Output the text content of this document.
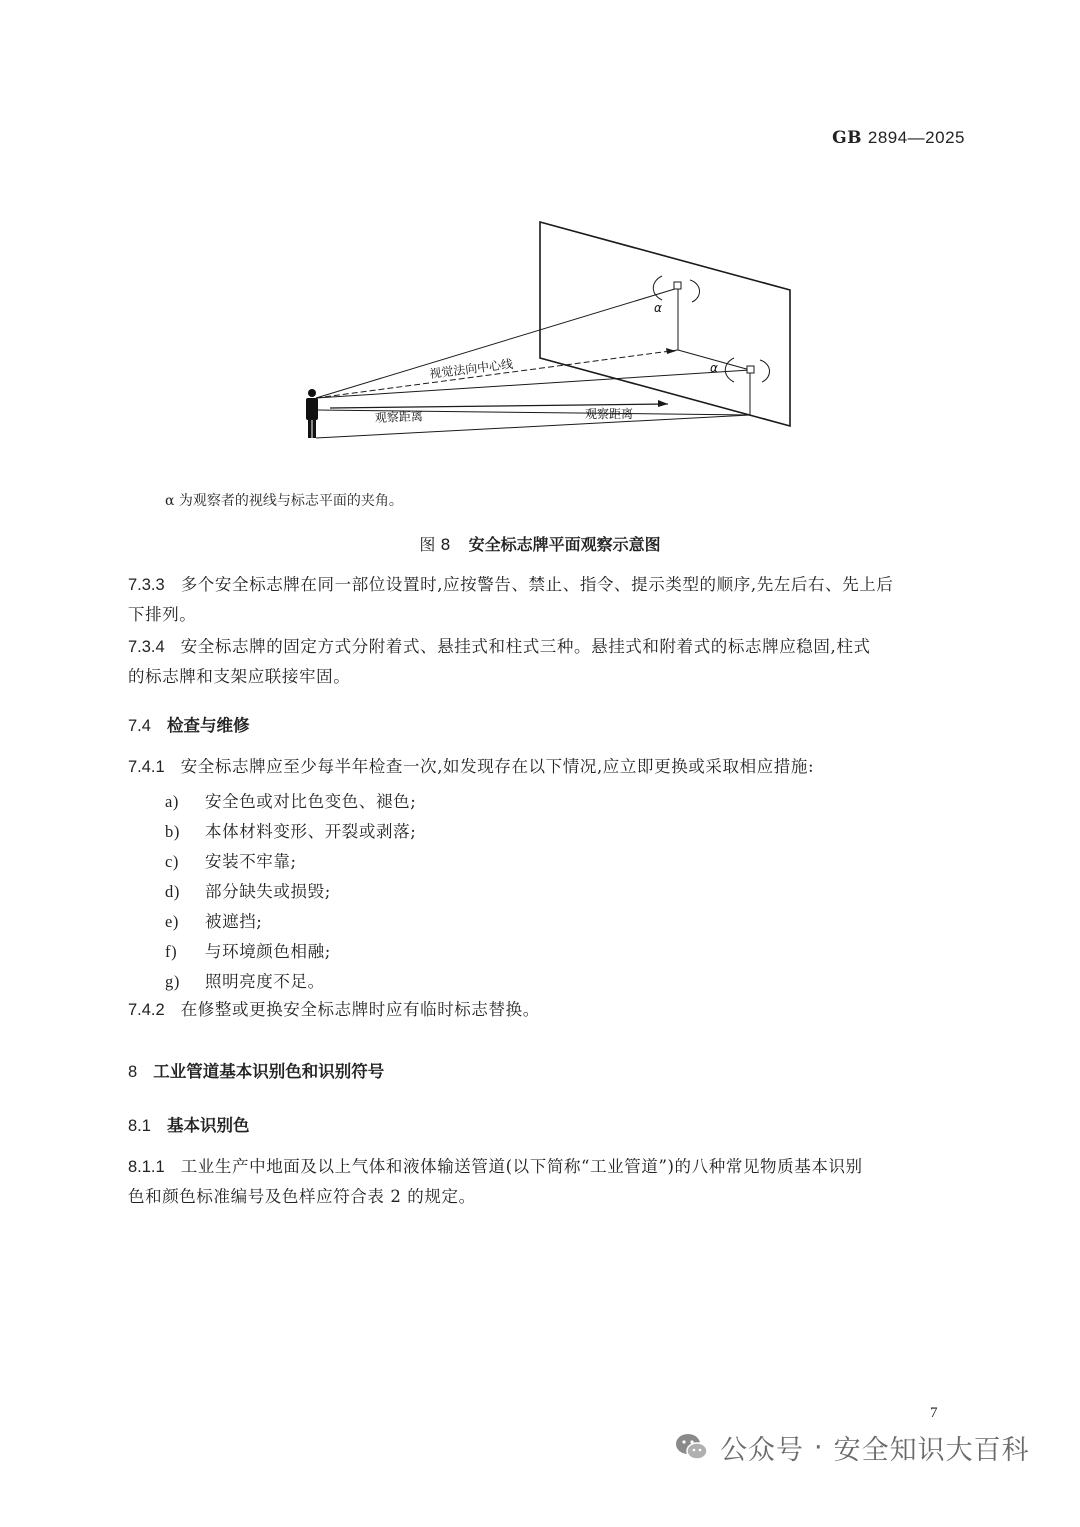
GB 2894—2025
视觉法向中心线
观察距离	观察距离
α
α
α 为观察者的视线与标志平面的夹角。
图 8 安全标志牌平面观察示意图
7.3.3 多个安全标志牌在同一部位设置时,应按警告、禁止、指令、提示类型的顺序,先左后右、先上后
下排列。
7.3.4 安全标志牌的固定方式分附着式、悬挂式和柱式三种。悬挂式和附着式的标志牌应稳固,柱式
的标志牌和支架应联接牢固。
7.4 检查与维修
7.4.1 安全标志牌应至少每半年检查一次,如发现存在以下情况,应立即更换或采取相应措施:
a) 安全色或对比色变色、褪色;
b) 本体材料变形、开裂或剥落;
c) 安装不牢靠;
d) 部分缺失或损毁;
e) 被遮挡;
f) 与环境颜色相融;
g) 照明亮度不足。
7.4.2 在修整或更换安全标志牌时应有临时标志替换。
8 工业管道基本识别色和识别符号
8.1 基本识别色
8.1.1 工业生产中地面及以上气体和液体输送管道(以下简称“工业管道”)的八种常见物质基本识别
色和颜色标准编号及色样应符合表 2 的规定。
7
公众号 · 安全知识大百科
